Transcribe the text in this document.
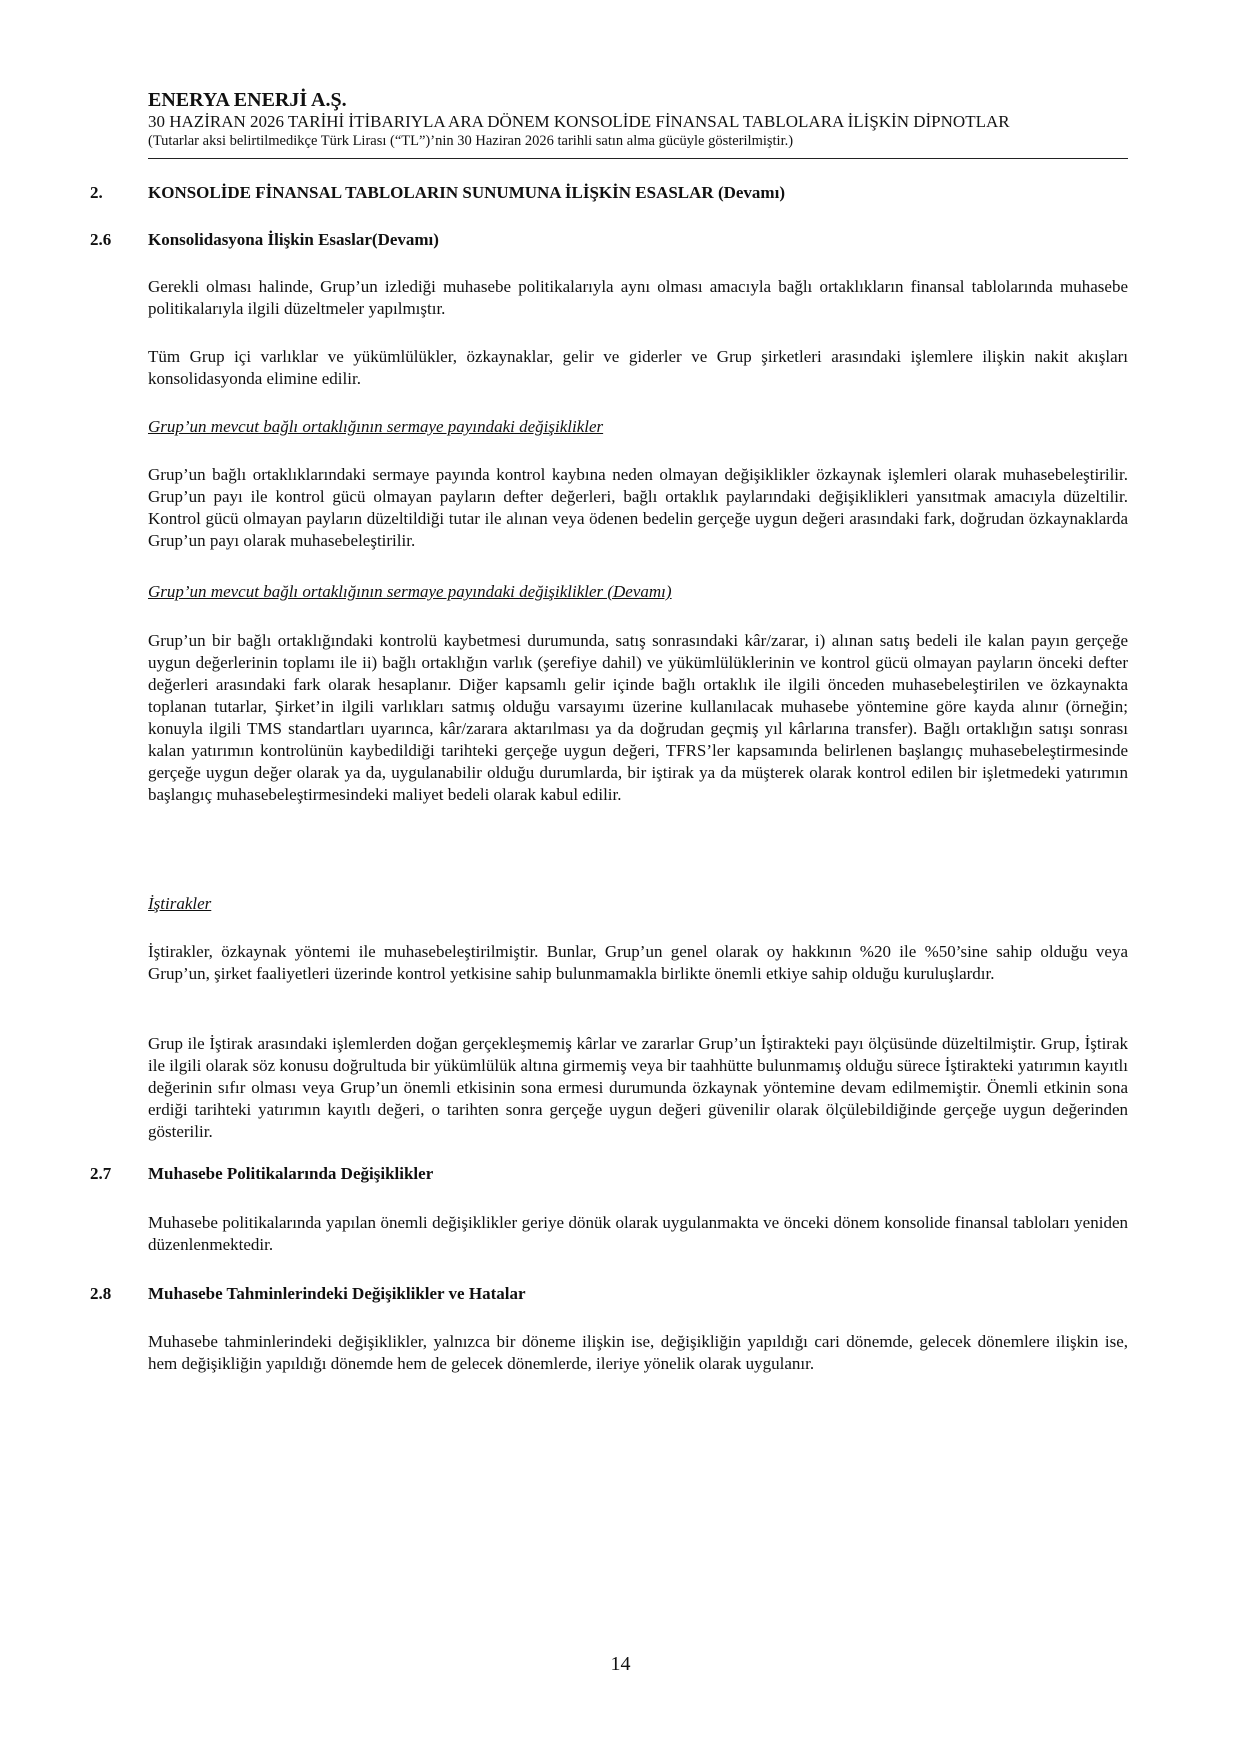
ENERYA ENERJİ A.Ş.
30 HAZİRAN 2026 TARİHİ İTİBARIYLA ARA DÖNEM KONSOLİDE FİNANSAL TABLOLARA İLİŞKİN DİPNOTLAR
(Tutarlar aksi belirtilmedikçe Türk Lirası (“TL”)’nin 30 Haziran 2026 tarihli satın alma gücüyle gösterilmiştir.)
2.	KONSOLİDE FİNANSAL TABLOLARIN SUNUMUNA İLİŞKİN ESASLAR (Devamı)
2.6 Konsolidasyona İlişkin Esaslar(Devamı)
Gerekli olması halinde, Grup’un izlediği muhasebe politikalarıyla aynı olması amacıyla bağlı ortaklıkların finansal tablolarında muhasebe politikalarıyla ilgili düzeltmeler yapılmıştır.
Tüm Grup içi varlıklar ve yükümlülükler, özkaynaklar, gelir ve giderler ve Grup şirketleri arasındaki işlemlere ilişkin nakit akışları konsolidasyonda elimine edilir.
Grup’un mevcut bağlı ortaklığının sermaye payındaki değişiklikler
Grup’un bağlı ortaklıklarındaki sermaye payında kontrol kaybına neden olmayan değişiklikler özkaynak işlemleri olarak muhasebeleştirilir. Grup’un payı ile kontrol gücü olmayan payların defter değerleri, bağlı ortaklık paylarındaki değişiklikleri yansıtmak amacıyla düzeltilir. Kontrol gücü olmayan payların düzeltildiği tutar ile alınan veya ödenen bedelin gerçeğe uygun değeri arasındaki fark, doğrudan özkaynaklarda Grup’un payı olarak muhasebeleştirilir.
Grup’un mevcut bağlı ortaklığının sermaye payındaki değişiklikler (Devamı)
Grup’un bir bağlı ortaklığındaki kontrolü kaybetmesi durumunda, satış sonrasındaki kâr/zarar, i) alınan satış bedeli ile kalan payın gerçeğe uygun değerlerinin toplamı ile ii) bağlı ortaklığın varlık (şerefiye dahil) ve yükümlülüklerinin ve kontrol gücü olmayan payların önceki defter değerleri arasındaki fark olarak hesaplanır. Diğer kapsamlı gelir içinde bağlı ortaklık ile ilgili önceden muhasebeleştirilen ve özkaynakta toplanan tutarlar, Şirket’in ilgili varlıkları satmış olduğu varsayımı üzerine kullanılacak muhasebe yöntemine göre kayda alınır (örneğin; konuyla ilgili TMS standartları uyarınca, kâr/zarara aktarılması ya da doğrudan geçmiş yıl kârlarına transfer). Bağlı ortaklığın satışı sonrası kalan yatırımın kontrolünün kaybedildiği tarihteki gerçeğe uygun değeri, TFRS’ler kapsamında belirlenen başlangıç muhasebeleştirmesinde gerçeğe uygun değer olarak ya da, uygulanabilir olduğu durumlarda, bir iştirak ya da müşterek olarak kontrol edilen bir işletmedeki yatırımın başlangıç muhasebeleştirmesindeki maliyet bedeli olarak kabul edilir.
İştirakler
İştirakler, özkaynak yöntemi ile muhasebeleştirilmiştir. Bunlar, Grup’un genel olarak oy hakkının %20 ile %50’sine sahip olduğu veya Grup’un, şirket faaliyetleri üzerinde kontrol yetkisine sahip bulunmamakla birlikte önemli etkiye sahip olduğu kuruluşlardır.
Grup ile İştirak arasındaki işlemlerden doğan gerçekleşmemiş kârlar ve zararlar Grup’un İştirakteki payı ölçüsünde düzeltilmiştir. Grup, İştirak ile ilgili olarak söz konusu doğrultuda bir yükümlülük altına girmemiş veya bir taahhütte bulunmamış olduğu sürece İştirakteki yatırımın kayıtlı değerinin sıfır olması veya Grup’un önemli etkisinin sona ermesi durumunda özkaynak yöntemine devam edilmemiştir. Önemli etkinin sona erdiği tarihteki yatırımın kayıtlı değeri, o tarihten sonra gerçeğe uygun değeri güvenilir olarak ölçülebildiğinde gerçeğe uygun değerinden gösterilir.
2.7 Muhasebe Politikalarında Değişiklikler
Muhasebe politikalarında yapılan önemli değişiklikler geriye dönük olarak uygulanmakta ve önceki dönem konsolide finansal tabloları yeniden düzenlenmektedir.
2.8 Muhasebe Tahminlerindeki Değişiklikler ve Hatalar
Muhasebe tahminlerindeki değişiklikler, yalnızca bir döneme ilişkin ise, değişikliğin yapıldığı cari dönemde, gelecek dönemlere ilişkin ise, hem değişikliğin yapıldığı dönemde hem de gelecek dönemlerde, ileriye yönelik olarak uygulanır.
14
